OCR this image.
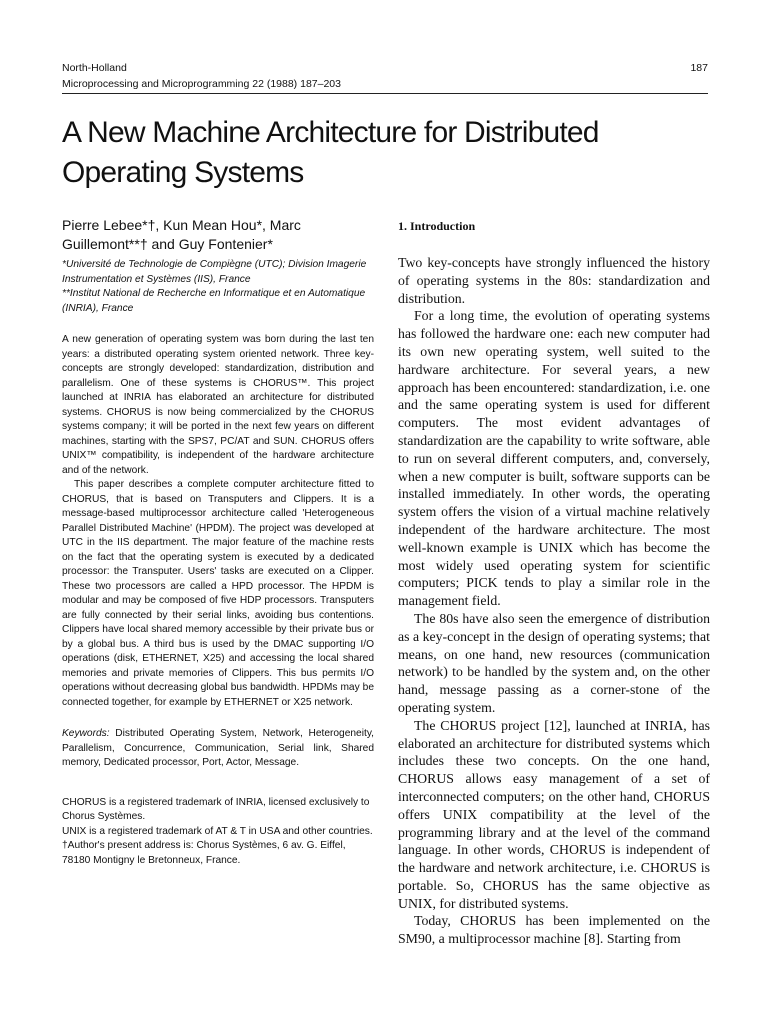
North-Holland
Microprocessing and Microprogramming 22 (1988) 187–203
187
A New Machine Architecture for Distributed
Operating Systems
Pierre Lebee*†, Kun Mean Hou*, Marc
Guillemont**† and Guy Fontenier*

*Université de Technologie de Compiègne (UTC); Division Imagerie Instrumentation et Systèmes (IIS), France

**Institut National de Recherche en Informatique et en Automatique (INRIA), France

A new generation of operating system was born during the last ten years: a distributed operating system oriented network. Three key-concepts are strongly developed: standardization, distribution and parallelism. One of these systems is CHORUS™. This project launched at INRIA has elaborated an architecture for distributed systems. CHORUS is now being commercialized by the CHORUS systems company; it will be ported in the next few years on different machines, starting with the SPS7, PC/AT and SUN. CHORUS offers UNIX™ compatibility, is independent of the hardware architecture and of the network.

This paper describes a complete computer architecture fitted to CHORUS, that is based on Transputers and Clippers. It is a message-based multiprocessor architecture called 'Heterogeneous Parallel Distributed Machine' (HPDM). The project was developed at UTC in the IIS department. The major feature of the machine rests on the fact that the operating system is executed by a dedicated processor: the Transputer. Users' tasks are executed on a Clipper. These two processors are called a HPD processor. The HPDM is modular and may be composed of five HDP processors. Transputers are fully connected by their serial links, avoiding bus contentions. Clippers have local shared memory accessible by their private bus or by a global bus. A third bus is used by the DMAC supporting I/O operations (disk, ETHERNET, X25) and accessing the local shared memories and private memories of Clippers. This bus permits I/O operations without decreasing global bus bandwidth. HPDMs may be connected together, for example by ETHERNET or X25 network.

Keywords: Distributed Operating System, Network, Heterogeneity, Parallelism, Concurrence, Communication, Serial link, Shared memory, Dedicated processor, Port, Actor, Message.

CHORUS is a registered trademark of INRIA, licensed exclusively to Chorus Systèmes.

UNIX is a registered trademark of AT & T in USA and other countries.

†Author's present address is: Chorus Systèmes, 6 av. G. Eiffel, 78180 Montigny le Bretonneux, France.

1. Introduction

Two key-concepts have strongly influenced the history of operating systems in the 80s: standardization and distribution.

For a long time, the evolution of operating systems has followed the hardware one: each new computer had its own new operating system, well suited to the hardware architecture. For several years, a new approach has been encountered: standardization, i.e. one and the same operating system is used for different computers. The most evident advantages of standardization are the capability to write software, able to run on several different computers, and, conversely, when a new computer is built, software supports can be installed immediately. In other words, the operating system offers the vision of a virtual machine relatively independent of the hardware architecture. The most well-known example is UNIX which has become the most widely used operating system for scientific computers; PICK tends to play a similar role in the management field.

The 80s have also seen the emergence of distribution as a key-concept in the design of operating systems; that means, on one hand, new resources (communication network) to be handled by the system and, on the other hand, message passing as a corner-stone of the operating system.

The CHORUS project [12], launched at INRIA, has elaborated an architecture for distributed systems which includes these two concepts. On the one hand, CHORUS allows easy management of a set of interconnected computers; on the other hand, CHORUS offers UNIX compatibility at the level of the programming library and at the level of the command language. In other words, CHORUS is independent of the hardware and network architecture, i.e. CHORUS is portable. So, CHORUS has the same objective as UNIX, for distributed systems.

Today, CHORUS has been implemented on the SM90, a multiprocessor machine [8]. Starting from
